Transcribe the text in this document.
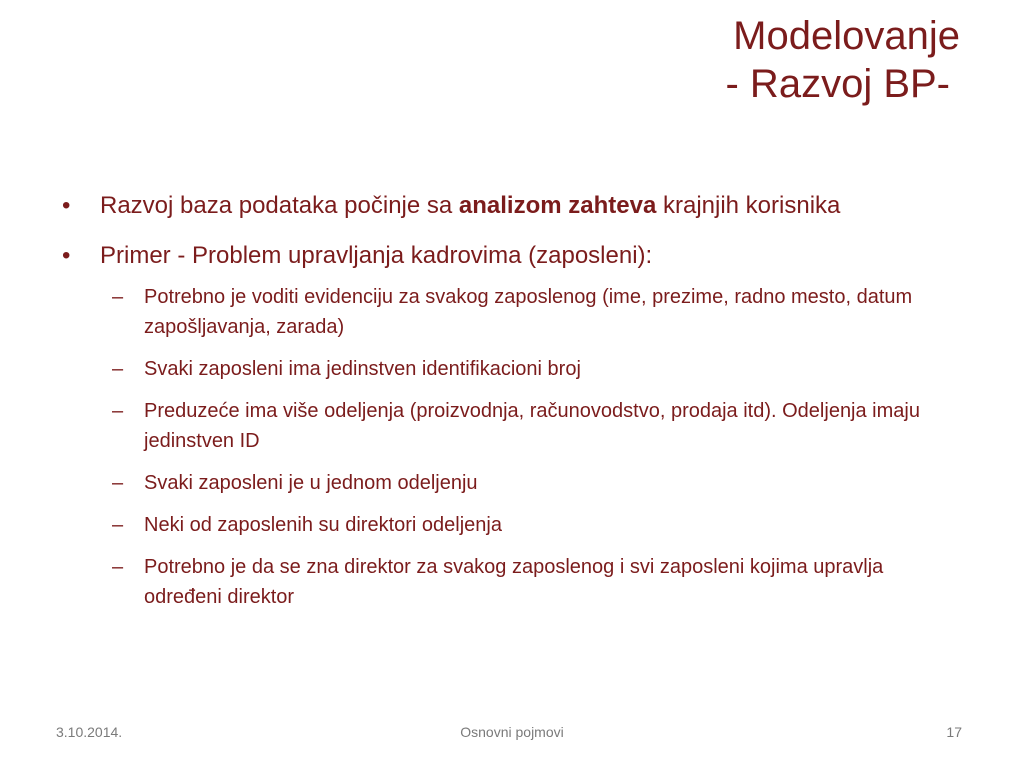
Modelovanje
- Razvoj BP-
• Razvoj baza podataka počinje sa analizom zahteva krajnjih korisnika
• Primer - Problem upravljanja kadrovima (zaposleni):
– Potrebno je voditi evidenciju za svakog zaposlenog (ime, prezime, radno mesto, datum zapošljavanja, zarada)
– Svaki zaposleni ima jedinstven identifikacioni broj
– Preduzeće ima više odeljenja (proizvodnja, računovodstvo, prodaja itd). Odeljenja imaju jedinstven ID
– Svaki zaposleni je u jednom odeljenju
– Neki od zaposlenih su direktori odeljenja
– Potrebno je da se zna direktor za svakog zaposlenog i svi zaposleni kojima upravlja određeni direktor
3.10.2014.	Osnovni pojmovi	17
